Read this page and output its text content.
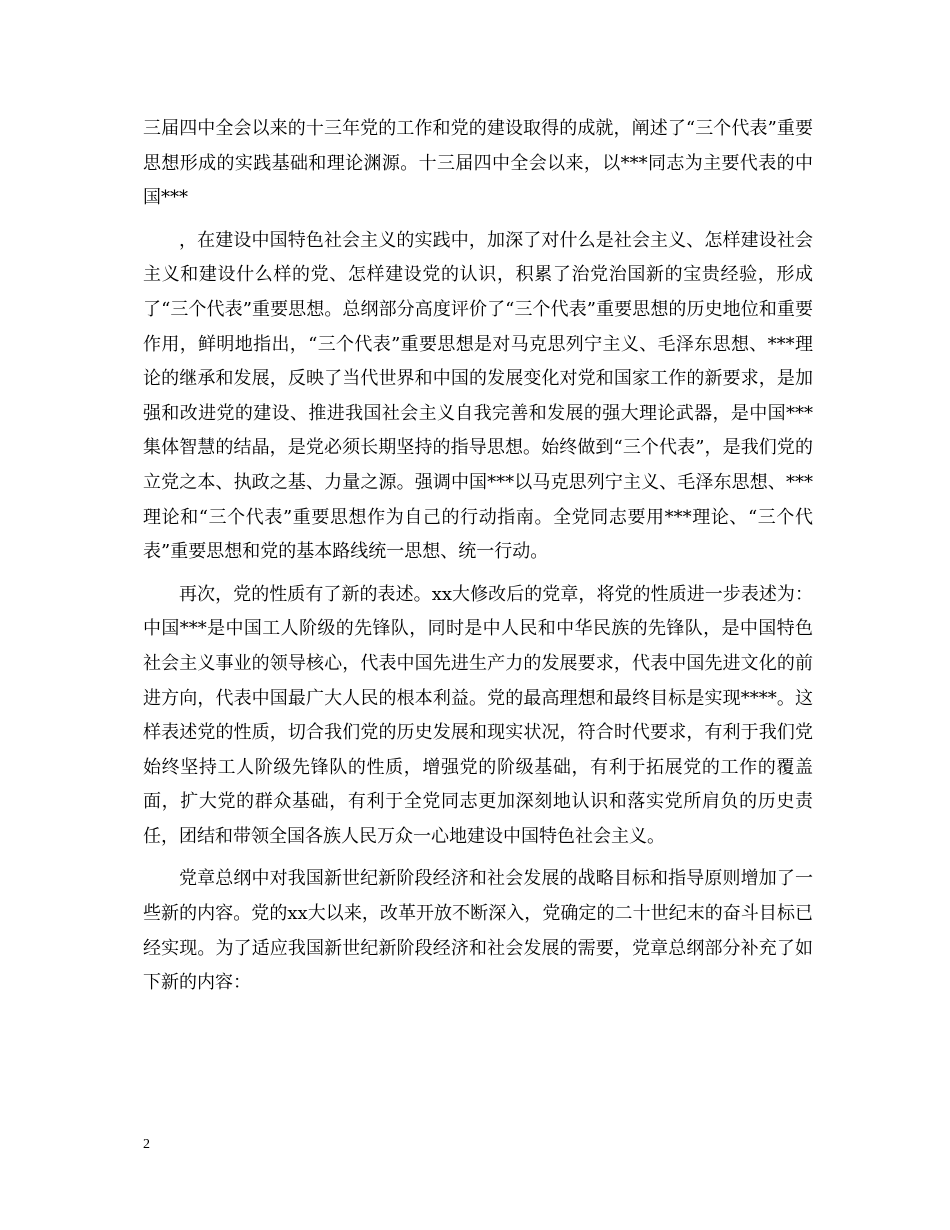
三届四中全会以来的十三年党的工作和党的建设取得的成就，阐述了“三个代表”重要思想形成的实践基础和理论渊源。十三届四中全会以来，以***同志为主要代表的中国***

，在建设中国特色社会主义的实践中，加深了对什么是社会主义、怎样建设社会主义和建设什么样的党、怎样建设党的认识，积累了治党治国新的宝贵经验，形成了“三个代表”重要思想。总纲部分高度评价了“三个代表”重要思想的历史地位和重要作用，鲜明地指出，“三个代表”重要思想是对马克思列宁主义、毛泽东思想、***理论的继承和发展，反映了当代世界和中国的发展变化对党和国家工作的新要求，是加强和改进党的建设、推进我国社会主义自我完善和发展的强大理论武器，是中国***集体智慧的结晶，是党必须长期坚持的指导思想。始终做到“三个代表”，是我们党的立党之本、执政之基、力量之源。强调中国***以马克思列宁主义、毛泽东思想、***理论和“三个代表”重要思想作为自己的行动指南。全党同志要用***理论、“三个代表”重要思想和党的基本路线统一思想、统一行动。

再次，党的性质有了新的表述。xx大修改后的党章，将党的性质进一步表述为：中国***是中国工人阶级的先锋队，同时是中人民和中华民族的先锋队，是中国特色社会主义事业的领导核心，代表中国先进生产力的发展要求，代表中国先进文化的前进方向，代表中国最广大人民的根本利益。党的最高理想和最终目标是实现****。这样表述党的性质，切合我们党的历史发展和现实状况，符合时代要求，有利于我们党始终坚持工人阶级先锋队的性质，增强党的阶级基础，有利于拓展党的工作的覆盖面，扩大党的群众基础，有利于全党同志更加深刻地认识和落实党所肩负的历史责任，团结和带领全国各族人民万众一心地建设中国特色社会主义。

党章总纲中对我国新世纪新阶段经济和社会发展的战略目标和指导原则增加了一些新的内容。党的xx大以来，改革开放不断深入，党确定的二十世纪末的奋斗目标已经实现。为了适应我国新世纪新阶段经济和社会发展的需要，党章总纲部分补充了如下新的内容：

2
